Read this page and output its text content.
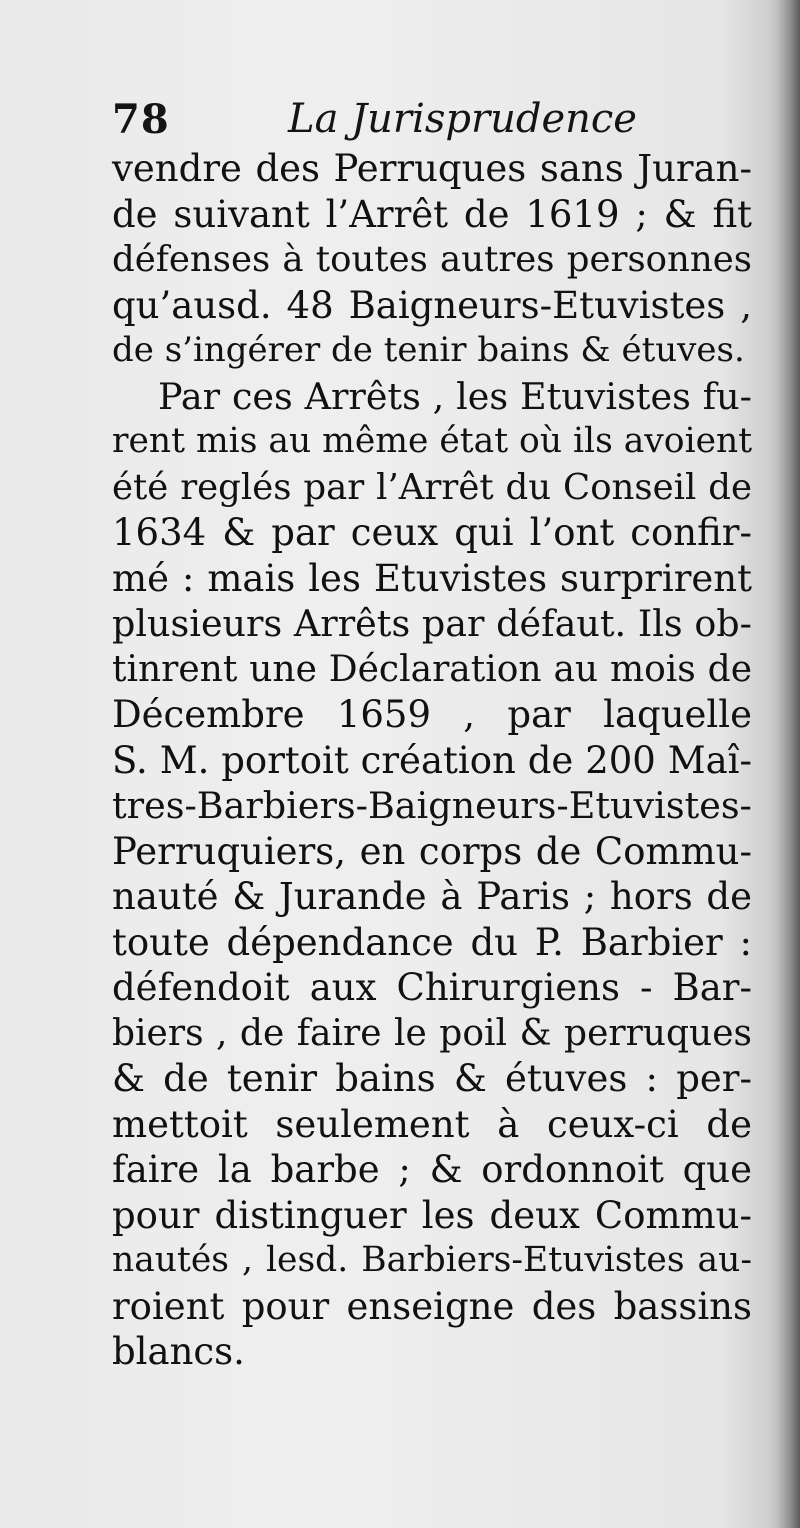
78	La Jurisprudence
vendre des Perruques sans Juran-
de suivant l’Arrêt de 1619 ; & fit
défenses à toutes autres personnes
qu’ausd. 48 Baigneurs-Etuvistes ,
de s’ingérer de tenir bains & étuves.
Par ces Arrêts , les Etuvistes fu-
rent mis au même état où ils avoient
été reglés par l’Arrêt du Conseil de
1634 & par ceux qui l’ont confir-
mé : mais les Etuvistes surprirent
plusieurs Arrêts par défaut. Ils ob-
tinrent une Déclaration au mois de
Décembre 1659 , par laquelle
S. M. portoit création de 200 Maî-
tres-Barbiers-Baigneurs-Etuvistes-
Perruquiers, en corps de Commu-
nauté & Jurande à Paris ; hors de
toute dépendance du P. Barbier :
défendoit aux Chirurgiens - Bar-
biers , de faire le poil & perruques
& de tenir bains & étuves : per-
mettoit seulement à ceux-ci de
faire la barbe ; & ordonnoit que
pour distinguer les deux Commu-
nautés , lesd. Barbiers-Etuvistes au-
roient pour enseigne des bassins
blancs.
